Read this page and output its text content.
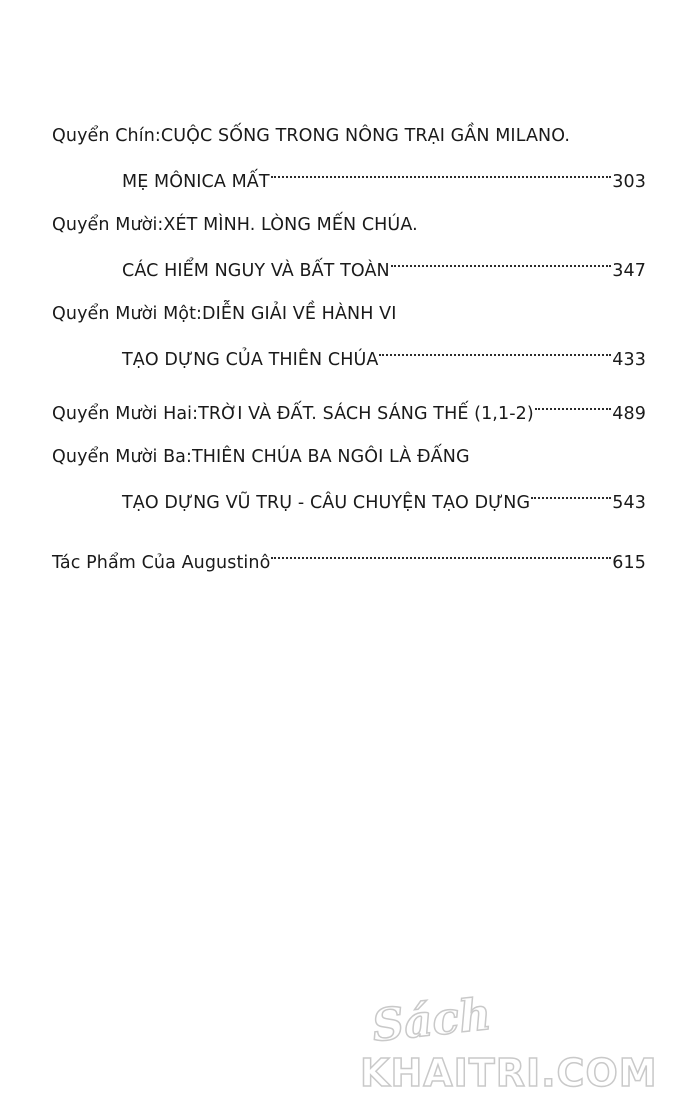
Quyển Chín: CUỘC SỐNG TRONG NÔNG TRẠI GẦN MILANO.
MẸ MÔNICA MẤT	303
Quyển Mười: XÉT MÌNH. LÒNG MẾN CHÚA.
CÁC HIỂM NGUY VÀ BẤT TOÀN	347
Quyển Mười Một: DIỄN GIẢI VỀ HÀNH VI
TẠO DỰNG CỦA THIÊN CHÚA	433
Quyển Mười Hai: TRỜI VÀ ĐẤT. SÁCH SÁNG THẾ (1,1-2)	489
Quyển Mười Ba: THIÊN CHÚA BA NGÔI LÀ ĐẤNG
TẠO DỰNG VŨ TRỤ - CÂU CHUYỆN TẠO DỰNG	543
Tác Phẩm Của Augustinô	615
Sách
KHAITRI.COM
